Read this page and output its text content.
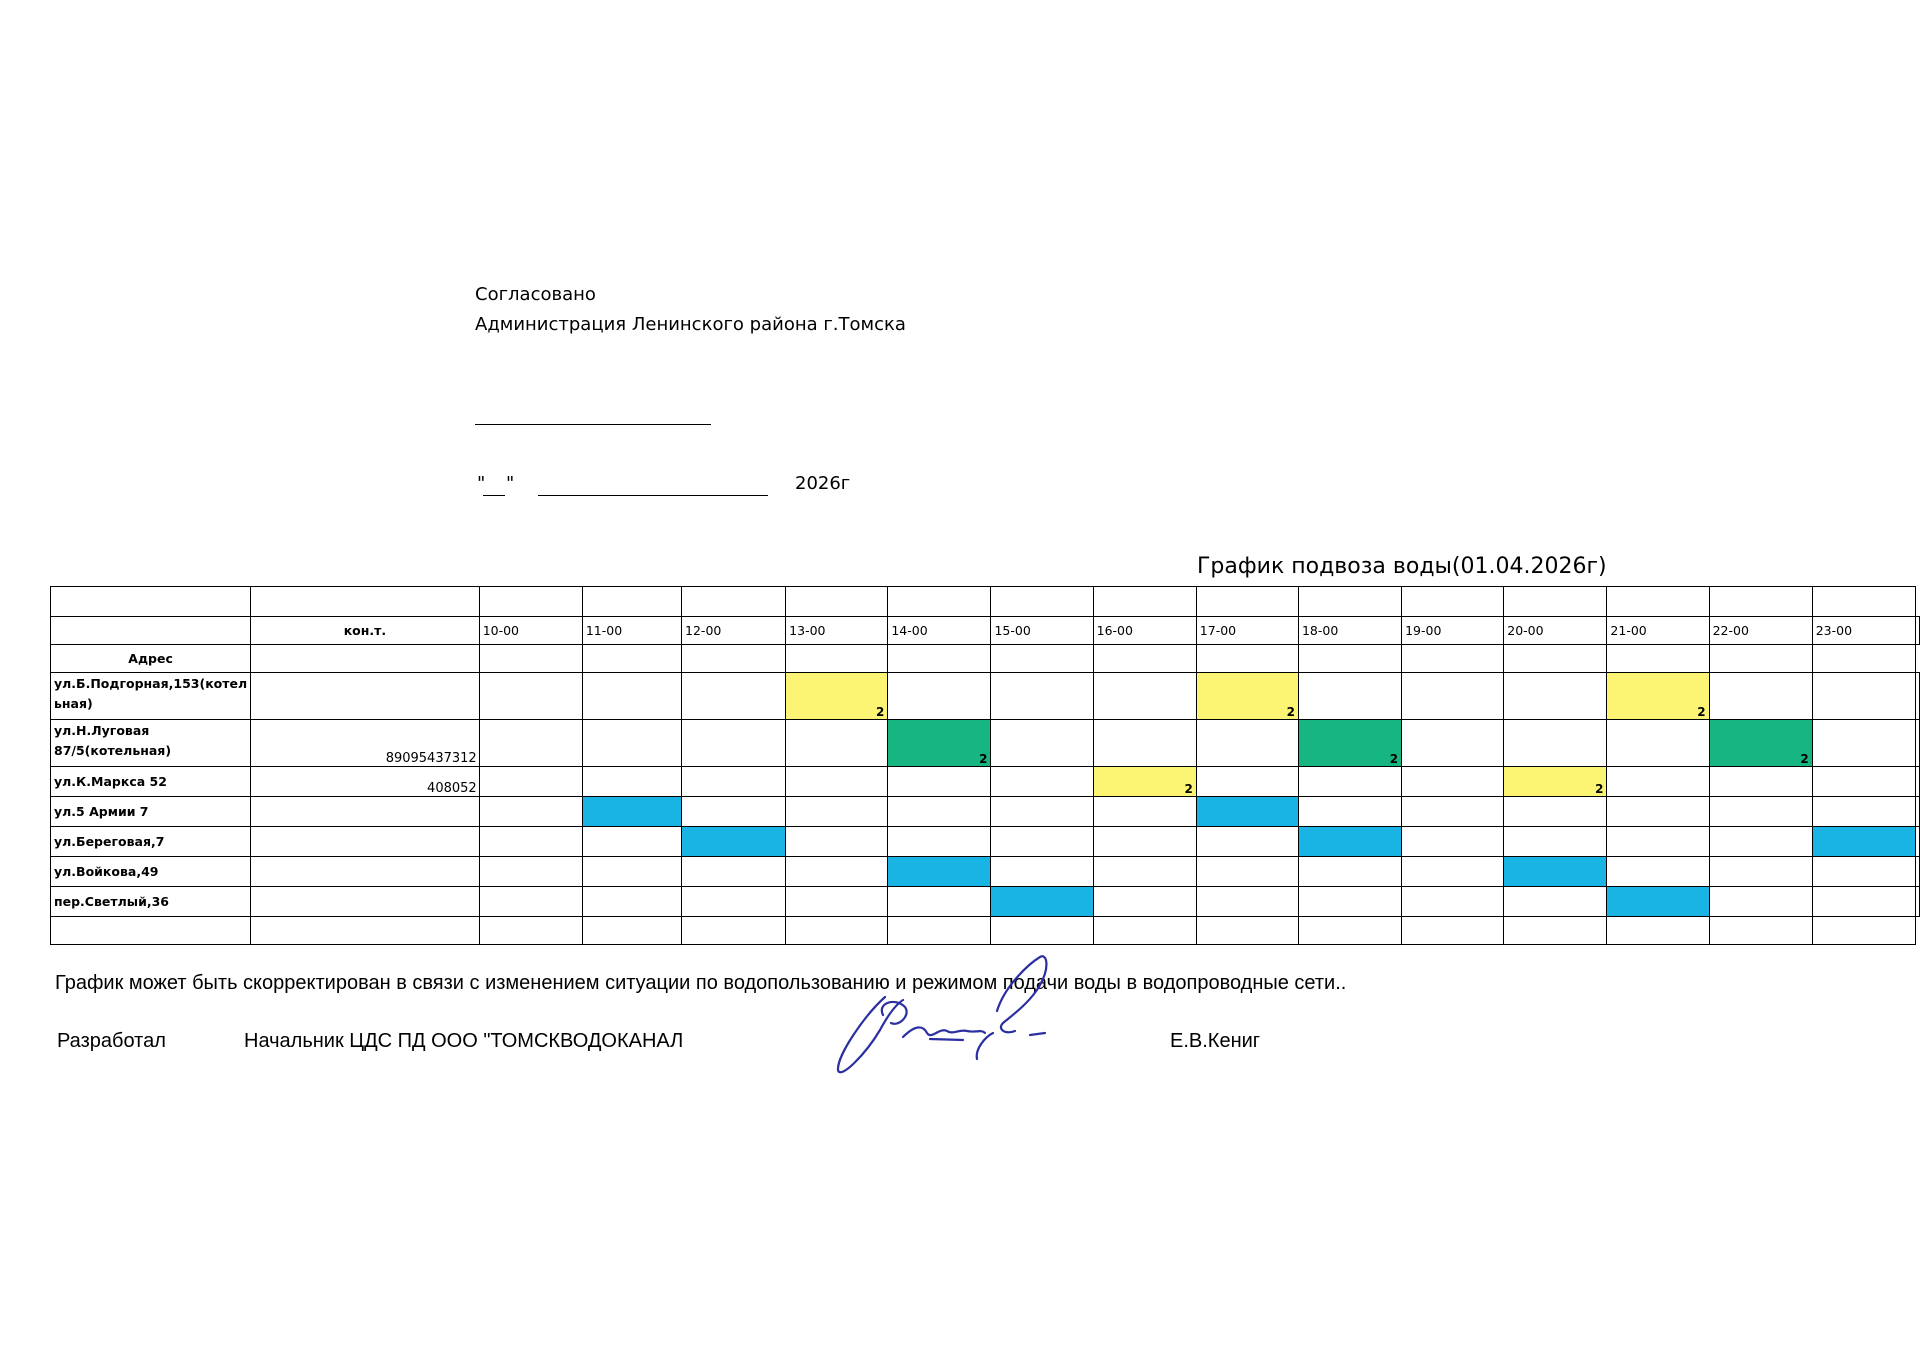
Согласовано
Администрация Ленинского района г.Томска
" "	2026г
График подвоза воды(01.04.2026г)

	кон.т.	10-00	11-00	12-00	13-00	14-00	15-00	16-00	17-00	18-00	19-00	20-00	21-00	22-00	23-00	
Адрес																

ул.Б.Подгорная,153(котел
ьная)					2				2				2			

ул.Н.Луговая
87/5(котельная)	89095437312					2				2				2		

ул.К.Маркса 52	408052							2				2				

ул.5 Армии 7																

ул.Береговая,7																

ул.Войкова,49																

пер.Светлый,36																

График может быть скорректирован в связи с изменением ситуации по водопользованию и режимом подачи воды в водопроводные сети..
Разработал	Начальник ЦДС ПД ООО "ТОМСКВОДОКАНАЛ	Е.В.Кениг
